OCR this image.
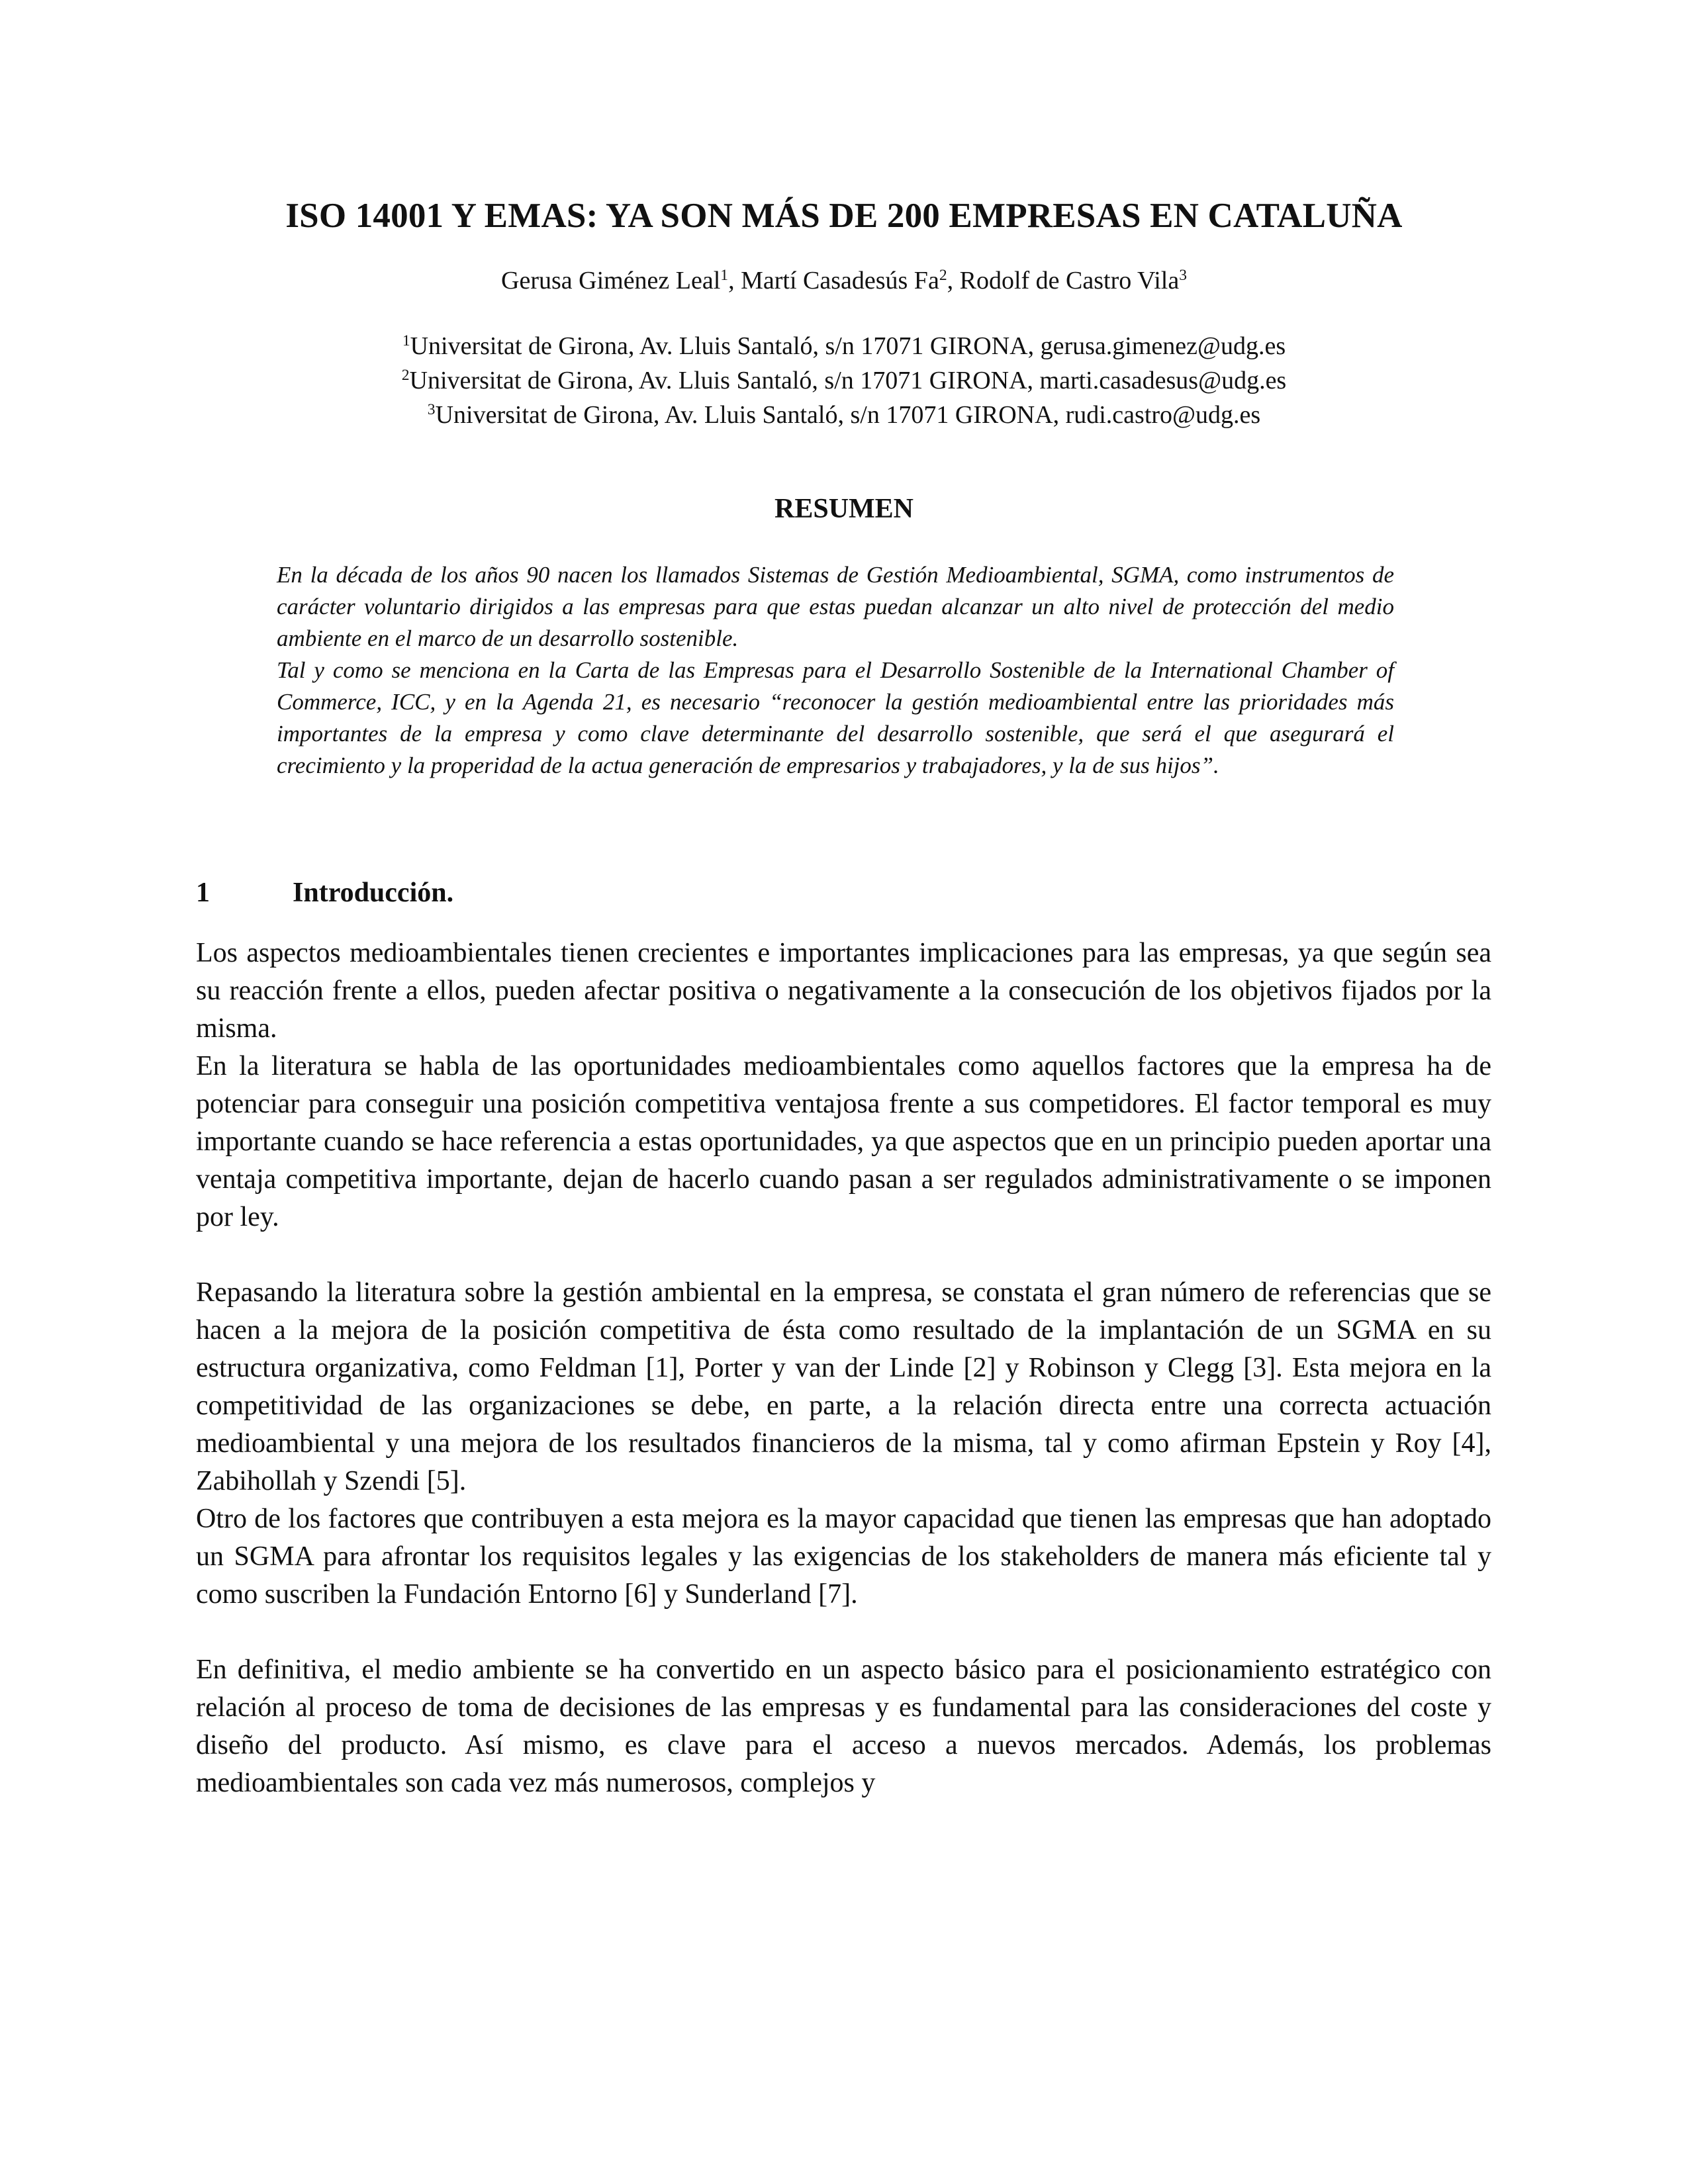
ISO 14001 Y EMAS: YA SON MÁS DE 200 EMPRESAS EN CATALUÑA
Gerusa Giménez Leal$^1$, Martí Casadesús Fa$^2$, Rodolf de Castro Vila$^3$
$^1$Universitat de Girona, Av. Lluis Santaló, s/n 17071 GIRONA, gerusa.gimenez@udg.es
$^2$Universitat de Girona, Av. Lluis Santaló, s/n 17071 GIRONA, marti.casadesus@udg.es
$^3$Universitat de Girona, Av. Lluis Santaló, s/n 17071 GIRONA, rudi.castro@udg.es
RESUMEN

En la década de los años 90 nacen los llamados Sistemas de Gestión Medioambiental, SGMA, como instrumentos de carácter voluntario dirigidos a las empresas para que estas puedan alcanzar un alto nivel de protección del medio ambiente en el marco de un desarrollo sostenible.

Tal y como se menciona en la Carta de las Empresas para el Desarrollo Sostenible de la International Chamber of Commerce, ICC, y en la Agenda 21, es necesario “reconocer la gestión medioambiental entre las prioridades más importantes de la empresa y como clave determinante del desarrollo sostenible, que será el que asegurará el crecimiento y la properidad de la actua generación de empresarios y trabajadores, y la de sus hijos”.

1	Introducción.

Los aspectos medioambientales tienen crecientes e importantes implicaciones para las empresas, ya que según sea su reacción frente a ellos, pueden afectar positiva o negativamente a la consecución de los objetivos fijados por la misma.

En la literatura se habla de las oportunidades medioambientales como aquellos factores que la empresa ha de potenciar para conseguir una posición competitiva ventajosa frente a sus competidores. El factor temporal es muy importante cuando se hace referencia a estas oportunidades, ya que aspectos que en un principio pueden aportar una ventaja competitiva importante, dejan de hacerlo cuando pasan a ser regulados administrativamente o se imponen por ley.

Repasando la literatura sobre la gestión ambiental en la empresa, se constata el gran número de referencias que se hacen a la mejora de la posición competitiva de ésta como resultado de la implantación de un SGMA en su estructura organizativa, como Feldman [1], Porter y van der Linde [2] y Robinson y Clegg [3]. Esta mejora en la competitividad de las organizaciones se debe, en parte, a la relación directa entre una correcta actuación medioambiental y una mejora de los resultados financieros de la misma, tal y como afirman Epstein y Roy [4], Zabihollah y Szendi [5].

Otro de los factores que contribuyen a esta mejora es la mayor capacidad que tienen las empresas que han adoptado un SGMA para afrontar los requisitos legales y las exigencias de los stakeholders de manera más eficiente tal y como suscriben la Fundación Entorno [6] y Sunderland [7].

En definitiva, el medio ambiente se ha convertido en un aspecto básico para el posicionamiento estratégico con relación al proceso de toma de decisiones de las empresas y es fundamental para las consideraciones del coste y diseño del producto. Así mismo, es clave para el acceso a nuevos mercados. Además, los problemas medioambientales son cada vez más numerosos, complejos y
